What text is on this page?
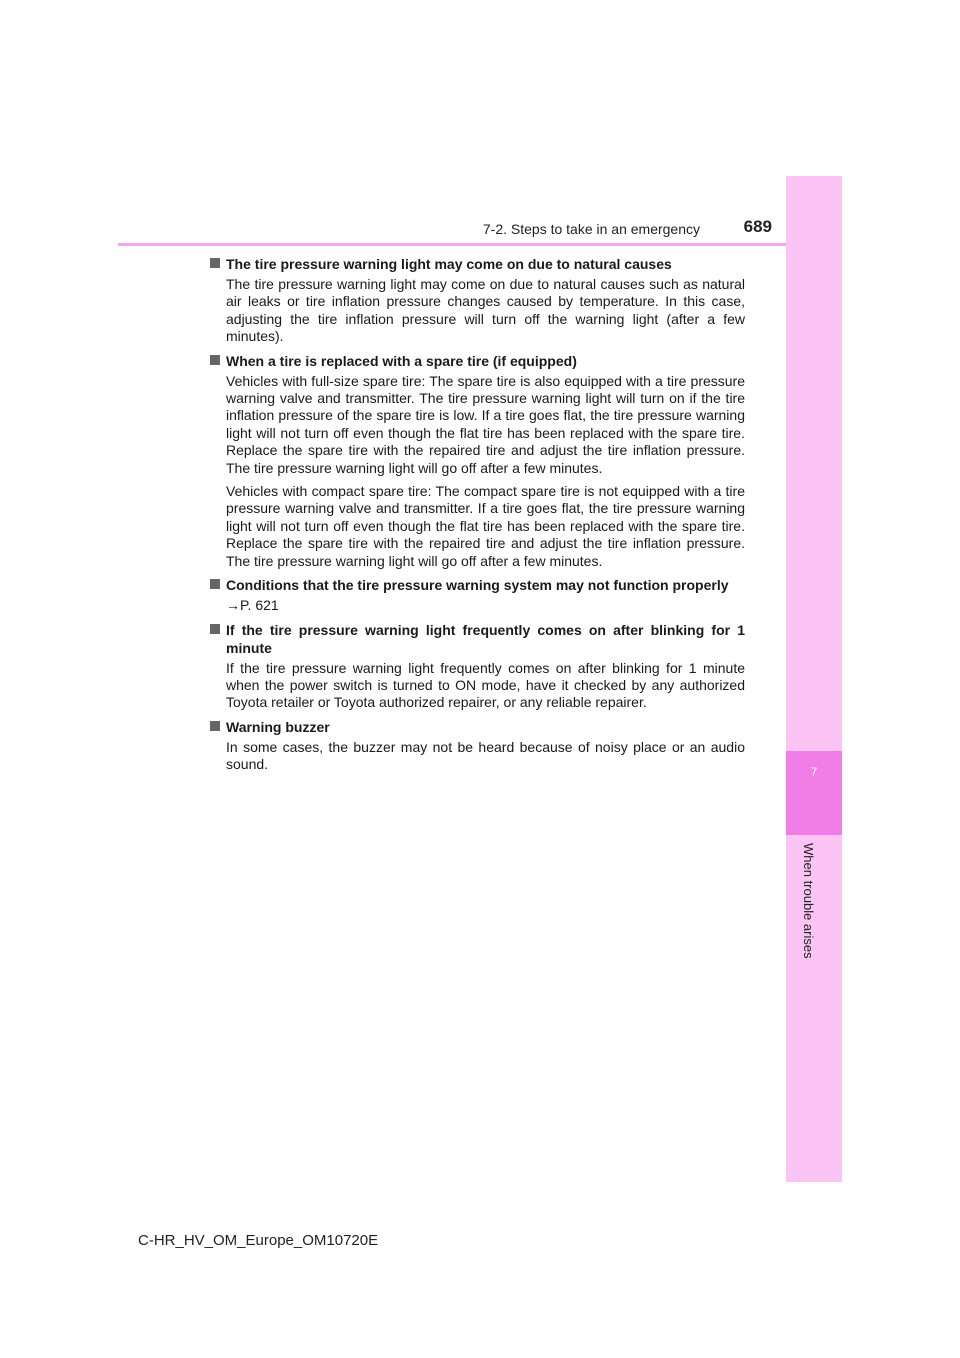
7
When trouble arises
7-2. Steps to take in an emergency	689
The tire pressure warning light may come on due to natural causes
The tire pressure warning light may come on due to natural causes such as natural air leaks or tire inflation pressure changes caused by temperature. In this case, adjusting the tire inflation pressure will turn off the warning light (after a few minutes).
When a tire is replaced with a spare tire (if equipped)
Vehicles with full-size spare tire: The spare tire is also equipped with a tire pressure warning valve and transmitter. The tire pressure warning light will turn on if the tire inflation pressure of the spare tire is low. If a tire goes flat, the tire pressure warning light will not turn off even though the flat tire has been replaced with the spare tire. Replace the spare tire with the repaired tire and adjust the tire inflation pressure. The tire pressure warning light will go off after a few minutes.
Vehicles with compact spare tire: The compact spare tire is not equipped with a tire pressure warning valve and transmitter. If a tire goes flat, the tire pressure warning light will not turn off even though the flat tire has been replaced with the spare tire. Replace the spare tire with the repaired tire and adjust the tire inflation pressure. The tire pressure warning light will go off after a few minutes.
Conditions that the tire pressure warning system may not function properly
→P. 621
If the tire pressure warning light frequently comes on after blinking for 1 minute
If the tire pressure warning light frequently comes on after blinking for 1 minute when the power switch is turned to ON mode, have it checked by any authorized Toyota retailer or Toyota authorized repairer, or any reliable repairer.
Warning buzzer
In some cases, the buzzer may not be heard because of noisy place or an audio sound.
C-HR_HV_OM_Europe_OM10720E
